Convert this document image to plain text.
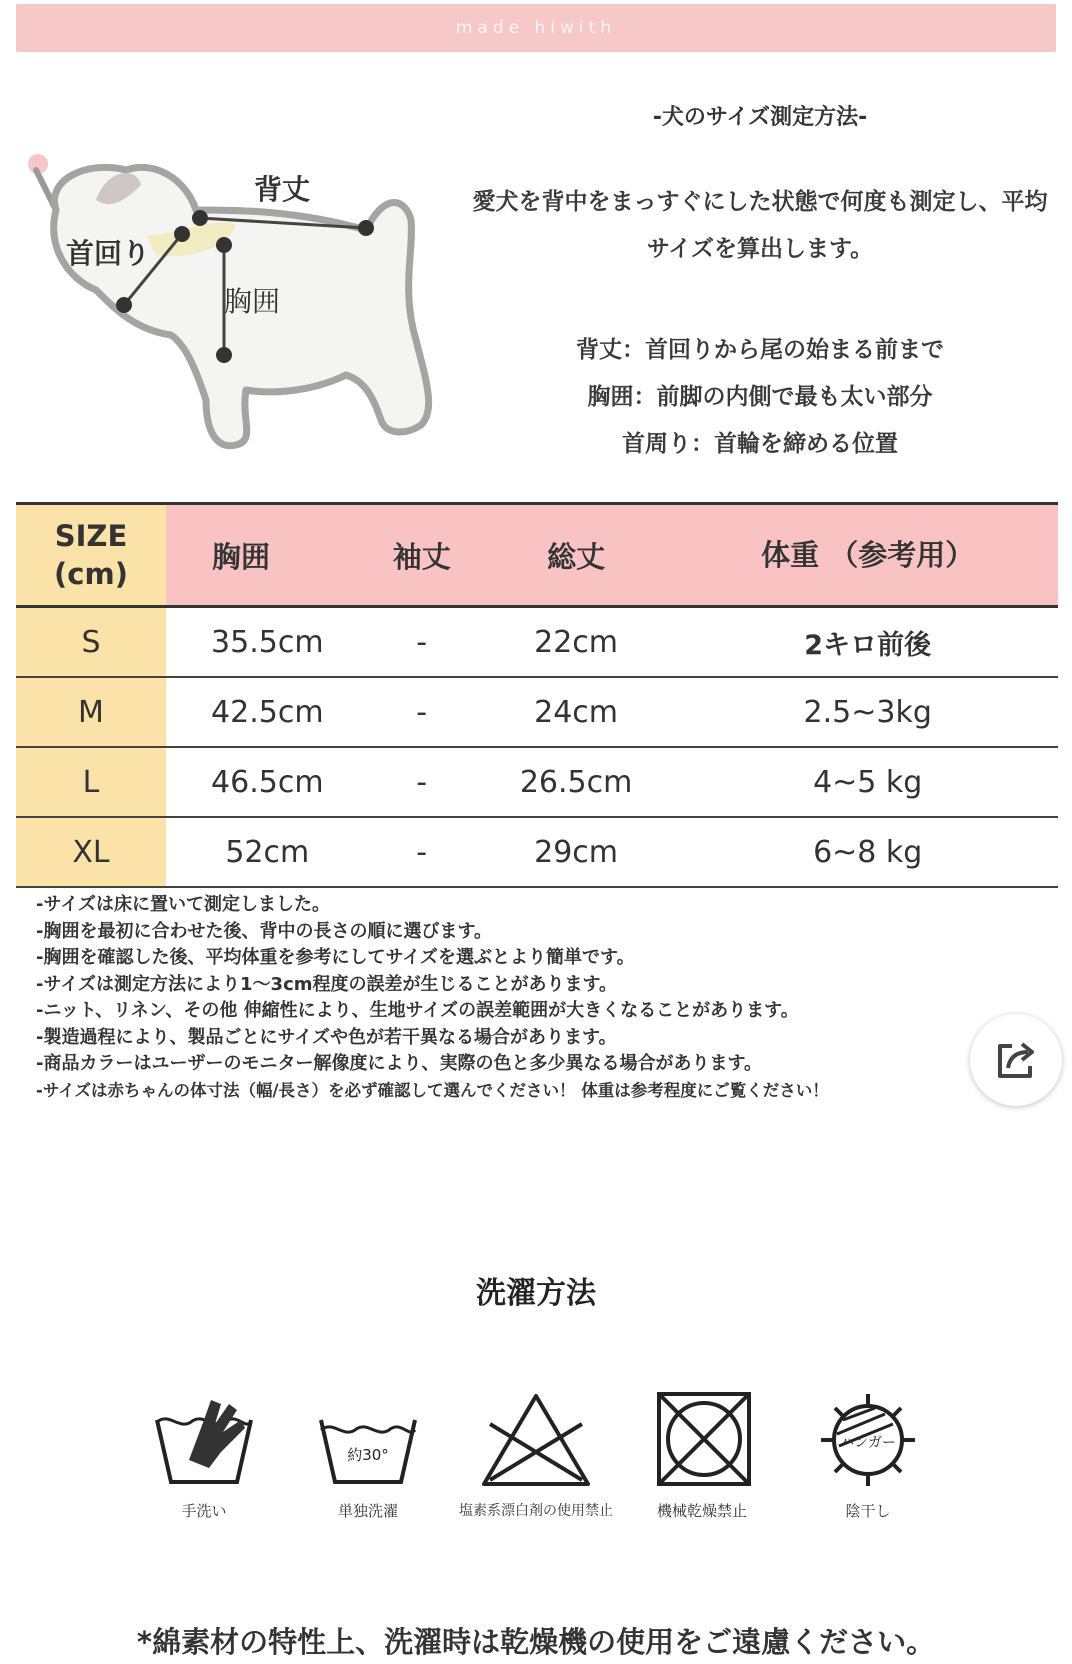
made hiwith
背丈
首回り
胸囲
-犬のサイズ測定方法-
愛犬を背中をまっすぐにした状態で何度も測定し、平均サイズを算出します。
背丈：首回りから尾の始まる前まで
胸囲：前脚の内側で最も太い部分
首周り：首輪を締める位置
SIZE (cm)	胸囲	袖丈	総丈	体重 （参考用）
S	35.5cm	-	22cm	2キロ前後
M	42.5cm	-	24cm	2.5~3kg
L	46.5cm	-	26.5cm	4~5 kg
XL	52cm	-	29cm	6~8 kg
-サイズは床に置いて測定しました。
-胸囲を最初に合わせた後、背中の長さの順に選びます。
-胸囲を確認した後、平均体重を参考にしてサイズを選ぶとより簡単です。
-サイズは測定方法により1～3cm程度の誤差が生じることがあります。
-ニット、リネン、その他 伸縮性により、生地サイズの誤差範囲が大きくなることがあります。
-製造過程により、製品ごとにサイズや色が若干異なる場合があります。
-商品カラーはユーザーのモニター解像度により、実際の色と多少異なる場合があります。
-サイズは赤ちゃんの体寸法（幅/長さ）を必ず確認して選んでください！ 体重は参考程度にご覧ください！
洗濯方法
手洗い
約30°
単独洗濯	塩素系漂白剤の使用禁止	機械乾燥禁止
ハンガー
陰干し
*綿素材の特性上、洗濯時は乾燥機の使用をご遠慮ください。
